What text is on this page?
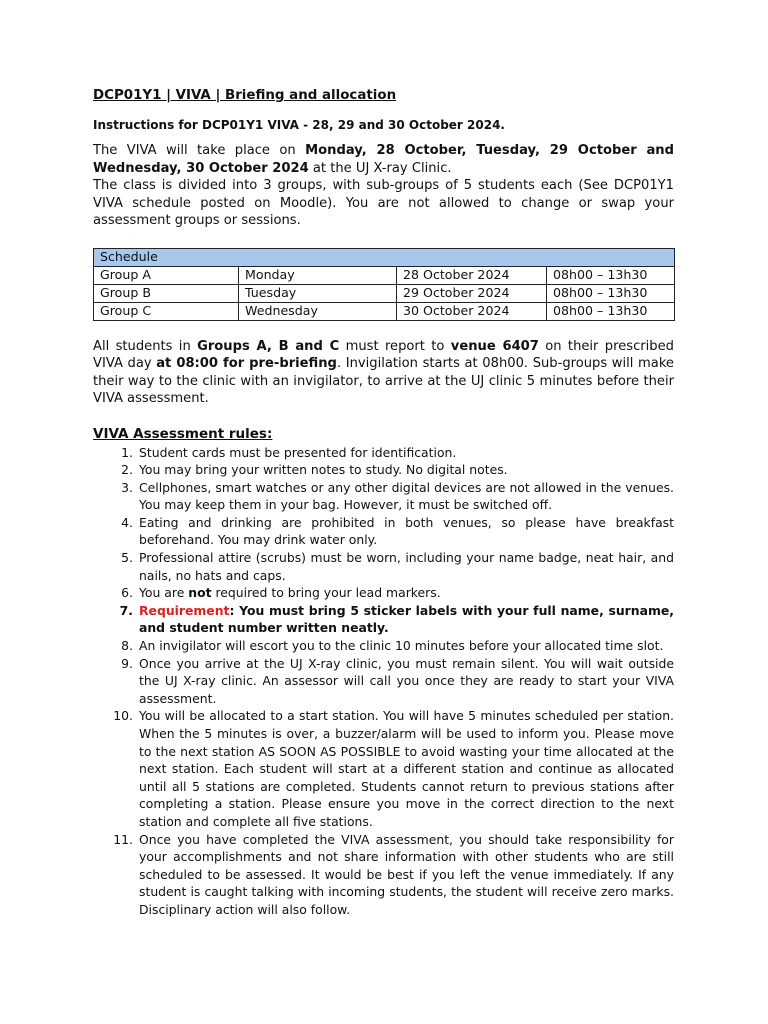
DCP01Y1 | VIVA | Briefing and allocation
Instructions for DCP01Y1 VIVA - 28, 29 and 30 October 2024.

The VIVA will take place on Monday, 28 October, Tuesday, 29 October and Wednesday, 30 October 2024 at the UJ X-ray Clinic.

The class is divided into 3 groups, with sub-groups of 5 students each (See DCP01Y1 VIVA schedule posted on Moodle). You are not allowed to change or swap your assessment groups or sessions.

Schedule			
Group A	Monday	28 October 2024	08h00 – 13h30
Group B	Tuesday	29 October 2024	08h00 – 13h30
Group C	Wednesday	30 October 2024	08h00 – 13h30

All students in Groups A, B and C must report to venue 6407 on their prescribed VIVA day at 08:00 for pre-briefing. Invigilation starts at 08h00. Sub-groups will make their way to the clinic with an invigilator, to arrive at the UJ clinic 5 minutes before their VIVA assessment.

VIVA Assessment rules:
1. Student cards must be presented for identification.
2. You may bring your written notes to study. No digital notes.
3. Cellphones, smart watches or any other digital devices are not allowed in the venues. You may keep them in your bag. However, it must be switched off.
4. Eating and drinking are prohibited in both venues, so please have breakfast beforehand. You may drink water only.
5. Professional attire (scrubs) must be worn, including your name badge, neat hair, and nails, no hats and caps.
6. You are not required to bring your lead markers.
7. Requirement: You must bring 5 sticker labels with your full name, surname, and student number written neatly.
8. An invigilator will escort you to the clinic 10 minutes before your allocated time slot.
9. Once you arrive at the UJ X-ray clinic, you must remain silent. You will wait outside the UJ X-ray clinic. An assessor will call you once they are ready to start your VIVA assessment.
10. You will be allocated to a start station. You will have 5 minutes scheduled per station. When the 5 minutes is over, a buzzer/alarm will be used to inform you. Please move to the next station AS SOON AS POSSIBLE to avoid wasting your time allocated at the next station. Each student will start at a different station and continue as allocated until all 5 stations are completed. Students cannot return to previous stations after completing a station. Please ensure you move in the correct direction to the next station and complete all five stations.
11. Once you have completed the VIVA assessment, you should take responsibility for your accomplishments and not share information with other students who are still scheduled to be assessed. It would be best if you left the venue immediately. If any student is caught talking with incoming students, the student will receive zero marks. Disciplinary action will also follow.
